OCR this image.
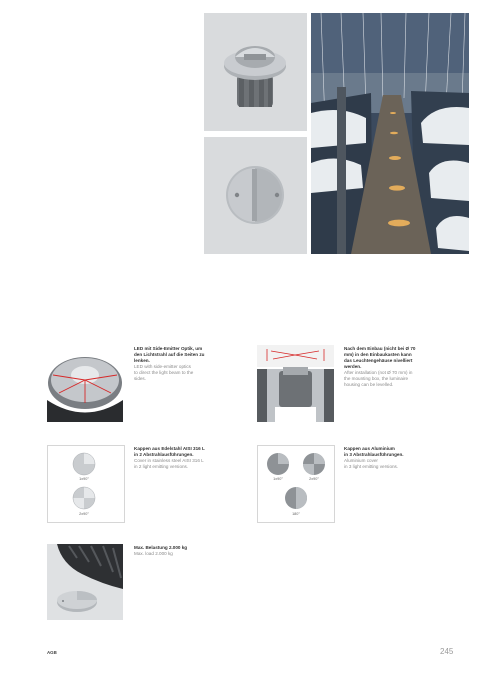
LED mit Side-Emitter Optik, um
den Lichtstrahl auf die Seiten zu
lenken.
LED with side-emitter optics
to direct the light beam to the
sides.
Nach dem Einbau (nicht bei Ø 70
mm) in den Einbaukasten kann
das Leuchtengehäuse nivelliert
werden.
After installation (not Ø 70 mm) in
the mounting box, the luminaire
housing can be levelled.
1x90°
2x90°
Kappen aus Edelstahl AISI 316 L
in 2 Abstrahlausführungen.
Cover in stainless steel AISI 316 L
in 2 light emitting versions.
1x90°	2x90°
180°
Kappen aus Aluminium
in 3 Abstrahlausführungen.
Aluminium cover
in 3 light emitting versions.
Max. Belastung 2.000 kg
Max. load 2.000 kg
AGB	245
